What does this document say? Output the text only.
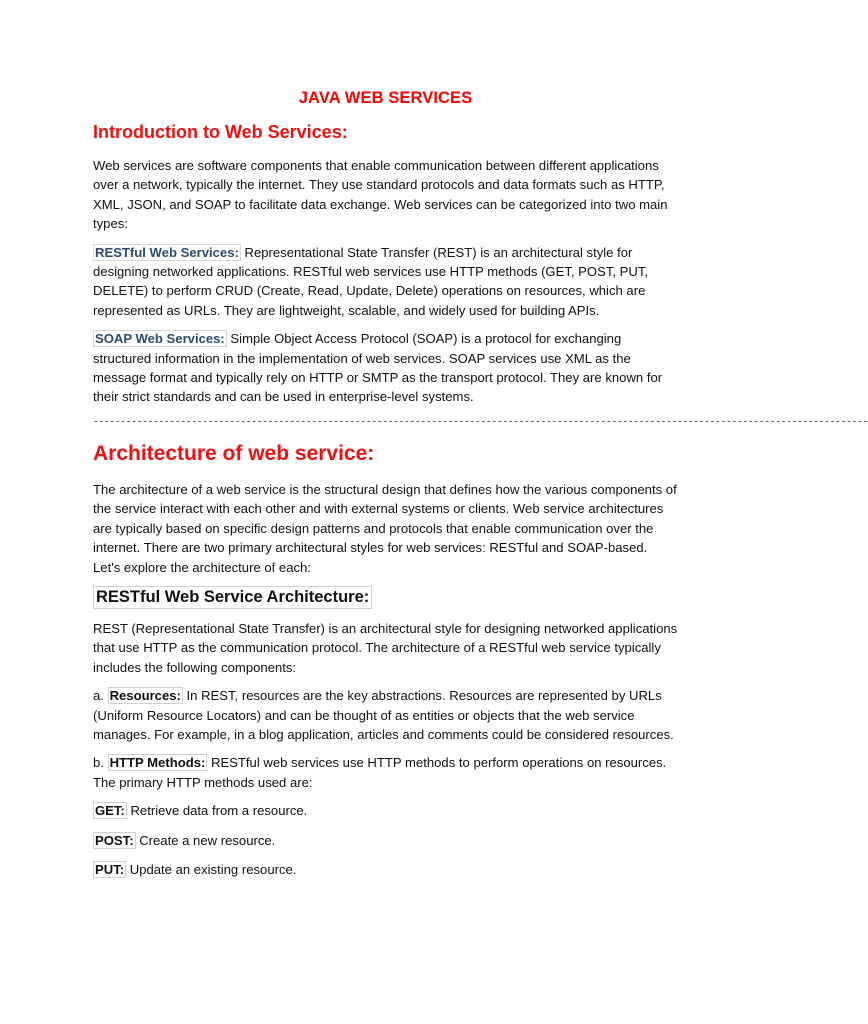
JAVA WEB SERVICES
Introduction to Web Services:

Web services are software components that enable communication between different applications over a network, typically the internet. They use standard protocols and data formats such as HTTP, XML, JSON, and SOAP to facilitate data exchange. Web services can be categorized into two main types:

RESTful Web Services: Representational State Transfer (REST) is an architectural style for designing networked applications. RESTful web services use HTTP methods (GET, POST, PUT, DELETE) to perform CRUD (Create, Read, Update, Delete) operations on resources, which are represented as URLs. They are lightweight, scalable, and widely used for building APIs.

SOAP Web Services: Simple Object Access Protocol (SOAP) is a protocol for exchanging structured information in the implementation of web services. SOAP services use XML as the message format and typically rely on HTTP or SMTP as the transport protocol. They are known for their strict standards and can be used in enterprise-level systems.

----------------------------------------------------------------------------------------------------------------------------------------------
Architecture of web service:

The architecture of a web service is the structural design that defines how the various components of the service interact with each other and with external systems or clients. Web service architectures are typically based on specific design patterns and protocols that enable communication over the internet. There are two primary architectural styles for web services: RESTful and SOAP-based. Let's explore the architecture of each:

RESTful Web Service Architecture:

REST (Representational State Transfer) is an architectural style for designing networked applications that use HTTP as the communication protocol. The architecture of a RESTful web service typically includes the following components:

a. Resources: In REST, resources are the key abstractions. Resources are represented by URLs (Uniform Resource Locators) and can be thought of as entities or objects that the web service manages. For example, in a blog application, articles and comments could be considered resources.

b. HTTP Methods: RESTful web services use HTTP methods to perform operations on resources. The primary HTTP methods used are:

GET: Retrieve data from a resource.

POST: Create a new resource.

PUT: Update an existing resource.
